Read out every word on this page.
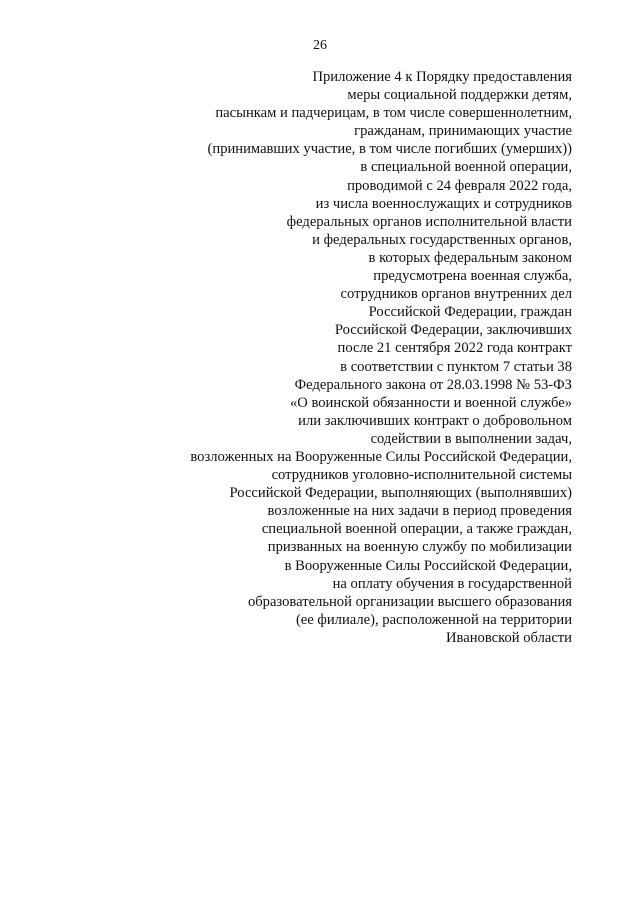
26
Приложение 4 к Порядку предоставления
меры социальной поддержки детям,
пасынкам и падчерицам, в том числе совершеннолетним,
гражданам, принимающих участие
(принимавших участие, в том числе погибших (умерших))
в специальной военной операции,
проводимой с 24 февраля 2022 года,
из числа военнослужащих и сотрудников
федеральных органов исполнительной власти
и федеральных государственных органов,
в которых федеральным законом
предусмотрена военная служба,
сотрудников органов внутренних дел
Российской Федерации, граждан
Российской Федерации, заключивших
после 21 сентября 2022 года контракт
в соответствии с пунктом 7 статьи 38
Федерального закона от 28.03.1998 № 53-ФЗ
«О воинской обязанности и военной службе»
или заключивших контракт о добровольном
содействии в выполнении задач,
возложенных на Вооруженные Силы Российской Федерации,
сотрудников уголовно-исполнительной системы
Российской Федерации, выполняющих (выполнявших)
возложенные на них задачи в период проведения
специальной военной операции, а также граждан,
призванных на военную службу по мобилизации
в Вооруженные Силы Российской Федерации,
на оплату обучения в государственной
образовательной организации высшего образования
(ее филиале), расположенной на территории
Ивановской области
